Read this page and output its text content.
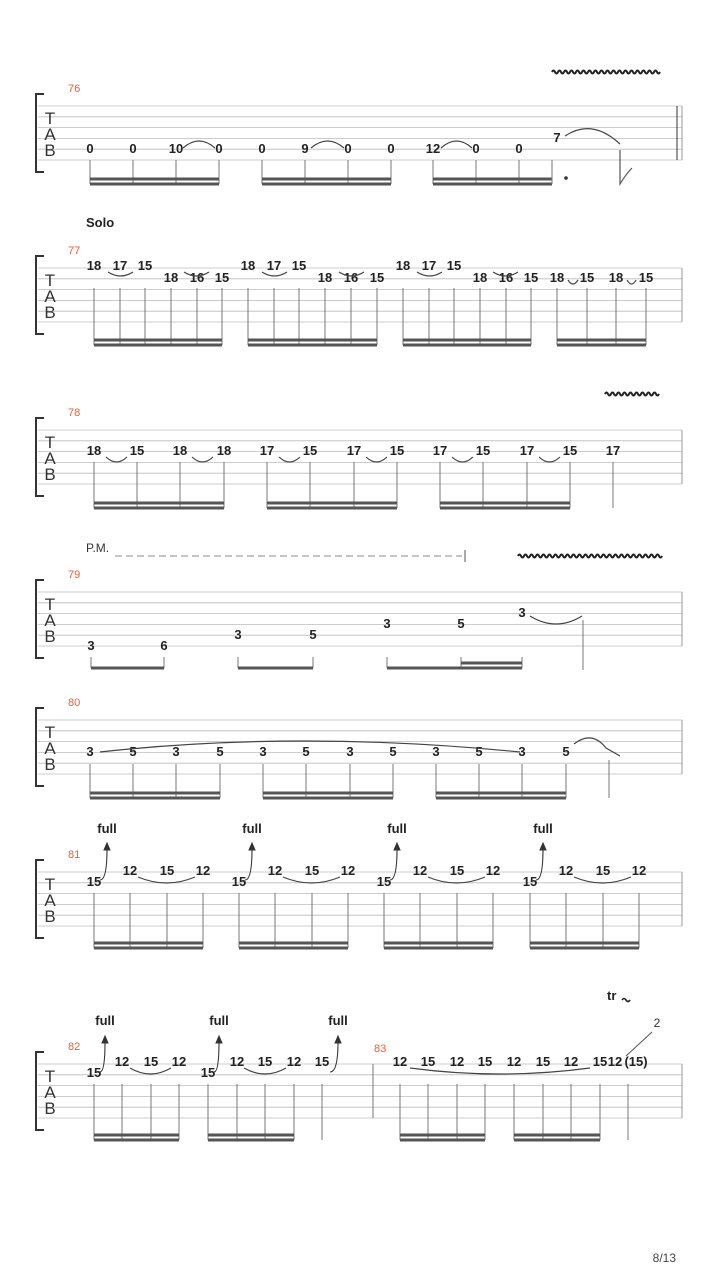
T
A
B
76
0	0 10 0	0	9	0	0 12 0	0
7
Solo
T
A
B
77
18 17 15
18 16 15
18 17 15
18 16 15
18 17 15
18 16 15 18 15 18 15
T
A
B
78
18 15 18 18 17 15 17 15 17 15 17 15 17
P.M.
T
A
B
79
3	6
3	5
3	5
3
T
A
B
80
3	5	3	5	3	5	3	5	3	5	3	5
T
A
B
81
15
12 15 12
15
12 15 12
15
12 15 12
15
12 15 12
full	full	full	full
T
A
B
82	83
15
12 15 12
15
12 15 12 15
full	full	full
12 15 12 15 12 15 12 15 12 (15)
tr
2
8/13
